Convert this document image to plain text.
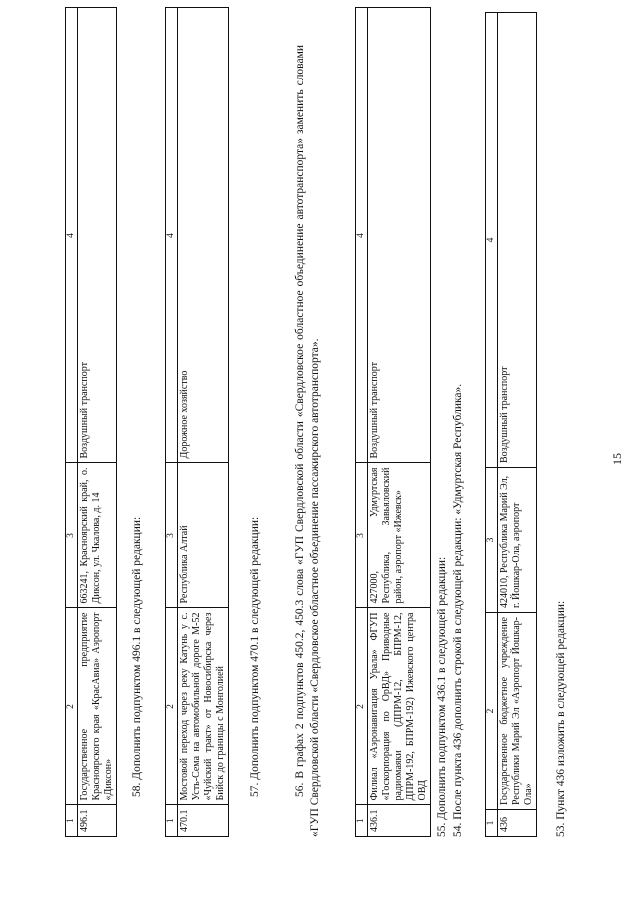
15
53. Пункт 436 изложить в следующей редакции:
1	2	3	4
436	Государственное бюджетное учреждение Республики Марий Эл «Аэропорт Йошкар-Ола»	424010, Республика Марий Эл, г. Йошкар-Ола, аэропорт	Воздушный транспорт
54. После пункта 436 дополнить строкой в следующей редакции: «Удмуртская Республика».
55. Дополнить подпунктом 436.1 в следующей редакции:
1	2	3	4
436.1	Филиал «Аэронавигация Урала» ФГУП «Госкорпорация по ОрВД» Приводные радиомаяки (ДПРМ-12, БПРМ-12, ДПРМ-192, БПРМ-192) Ижевского центра ОВД	427000, Удмуртская Республика, Завьяловский район, аэропорт «Ижевск»	Воздушный транспорт
56. В графах 2 подпунктов 450.2, 450.3 слова «ГУП Свердловской области «Свердловское областное объединение автотранспорта» заменить словами «ГУП Свердловской области «Свердловское областное объединение пассажирского автотранспорта».
57. Дополнить подпунктом 470.1 в следующей редакции:
1	2	3	4
470.1	Мостовой переход через реку Катунь у с. Усть-Сема на автомобильной дороге М-52 «Чуйский тракт» от Новосибирска через Бийск до границы с Монголией	Республика Алтай	Дорожное хозяйство
58. Дополнить подпунктом 496.1 в следующей редакции:
1	2	3	4
496.1	Государственное предприятие Красноярского края «КрасАвиа» Аэропорт «Диксон»	663241, Красноярский край, о. Диксон, ул. Чкалова, д. 14	Воздушный транспорт
